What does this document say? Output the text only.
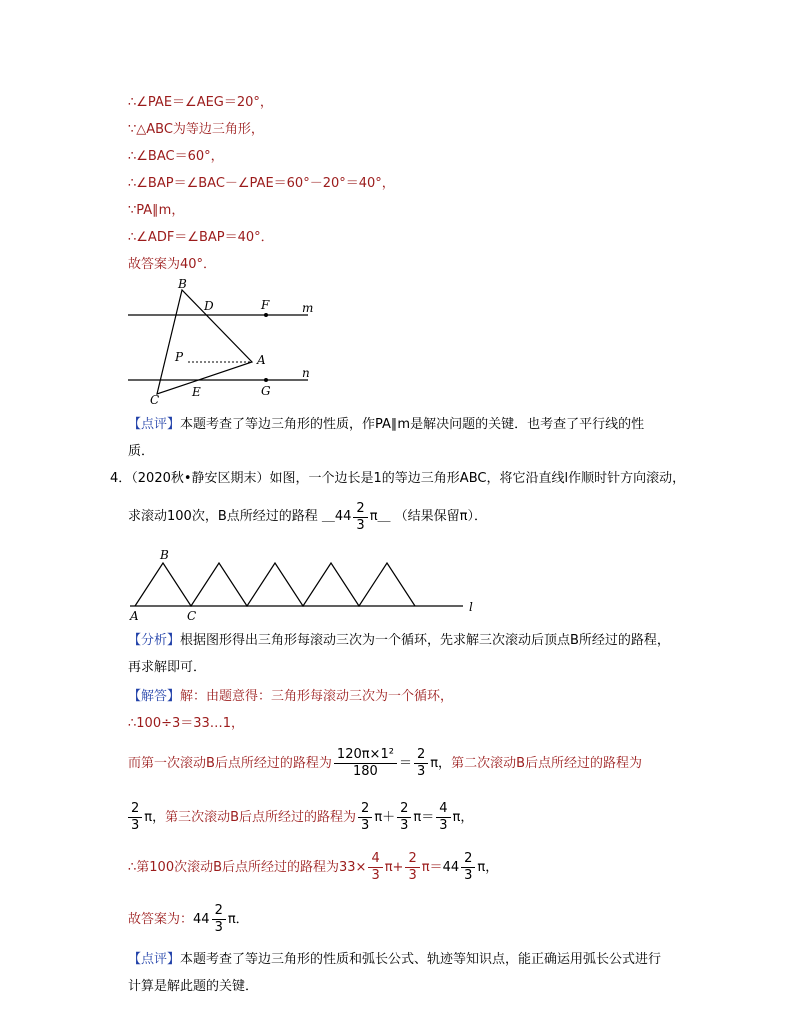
∴∠PAE＝∠AEG＝20°，
∵△ABC为等边三角形，
∴∠BAC＝60°，
∴∠BAP＝∠BAC－∠PAE＝60°－20°＝40°，
∵PA∥m，
∴∠ADF＝∠BAP＝40°．
故答案为40°．
B
D	F	m
P	A
C
E	G
n
【点评】本题考查了等边三角形的性质，作PA∥m是解决问题的关键．也考查了平行线的性
质．
4．（2020秋•静安区期末）如图，一个边长是1的等边三角形ABC，将它沿直线l作顺时针方向滚动，
求滚动100次，B点所经过的路程 ＿44 $\frac{2}{3}$ π＿ （结果保留π）．
B
A	C
l
【分析】根据图形得出三角形每滚动三次为一个循环，先求解三次滚动后顶点B所经过的路程，
再求解即可．
【解答】解：由题意得：三角形每滚动三次为一个循环，
∴100÷3＝33…1，
而第一次滚动B后点所经过的路程为 $\frac{\text{120π×1²}}{180} = \frac{2}{3}$ π，第二次滚动B后点所经过的路程为
$\frac{2}{3}$ π，第三次滚动B后点所经过的路程为 $\frac{2}{3} \pi+ \frac{2}{3} \pi= \frac{4}{3}$ π，
∴第100次滚动B后点所经过的路程为$33\times \frac{4}{3} \pi+ \frac{2}{3} \pi=44 \frac{2}{3}$ π，
故答案为：$44 \frac{2}{3}$ π．
【点评】本题考查了等边三角形的性质和弧长公式、轨迹等知识点，能正确运用弧长公式进行
计算是解此题的关键．
